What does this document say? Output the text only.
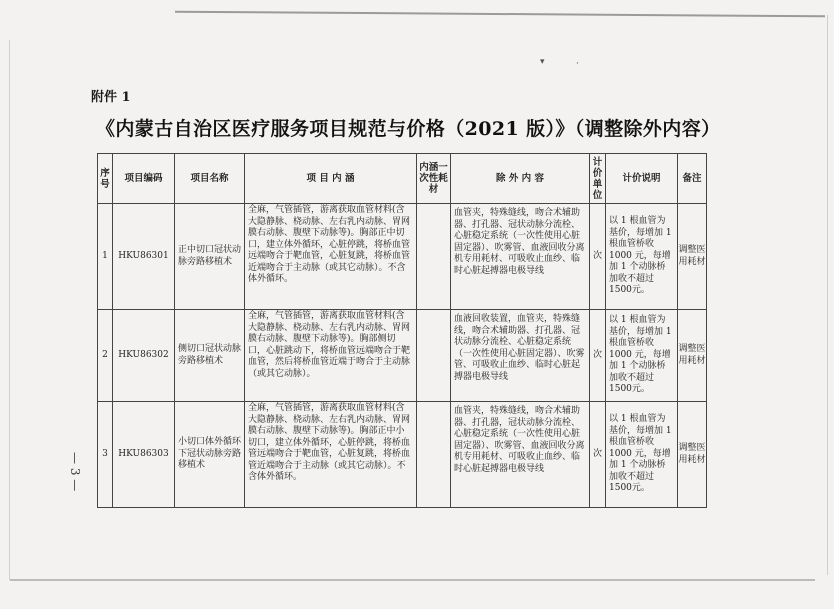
▾	·
附件 1
《内蒙古自治区医疗服务项目规范与价格（2021 版）》（调整除外内容）
序号	项目编码	项目名称	项 目 内 涵	内涵一次性耗材	除 外 内 容	计价单位	计价说明	备注
1	HKU86301	正中切口冠状动脉旁路移植术	全麻，气管插管，游离获取血管材料(含大隐静脉、桡动脉、左右乳内动脉、胃网膜右动脉、腹壁下动脉等)。胸部正中切口，建立体外循环，心脏停跳，将桥血管远端吻合于靶血管，心脏复跳，将桥血管近端吻合于主动脉（或其它动脉）。不含体外循环。		血管夹，特殊缝线，吻合术辅助器、打孔器、冠状动脉分流栓、心脏稳定系统（一次性使用心脏固定器）、吹雾管、血液回收分离机专用耗材、可吸收止血纱、临时心脏起搏器电极导线	次	以 1 根血管为基价，每增加 1 根血管桥收 1000 元，每增加 1 个动脉桥加收不超过 1500元。	调整医用耗材
2	HKU86302	侧切口冠状动脉旁路移植术	全麻，气管插管，游离获取血管材料(含大隐静脉、桡动脉、左右乳内动脉、胃网膜右动脉、腹壁下动脉等)。胸部侧切口，心脏跳动下，将桥血管远端吻合于靶血管，然后将桥血管近端于吻合于主动脉（或其它动脉）。		血液回收装置，血管夹，特殊缝线，吻合术辅助器、打孔器、冠状动脉分流栓、心脏稳定系统（一次性使用心脏固定器）、吹雾管、可吸收止血纱、临时心脏起搏器电极导线	次	以 1 根血管为基价，每增加 1 根血管桥收 1000 元，每增加 1 个动脉桥加收不超过 1500元。	调整医用耗材
3	HKU86303	小切口体外循环下冠状动脉旁路移植术	全麻，气管插管，游离获取血管材料(含大隐静脉、桡动脉、左右乳内动脉、胃网膜右动脉、腹壁下动脉等)。胸部正中小切口，建立体外循环，心脏停跳，将桥血管远端吻合于靶血管，心脏复跳，将桥血管近端吻合于主动脉（或其它动脉）。不含体外循环。		血管夹，特殊缝线，吻合术辅助器、打孔器，冠状动脉分流栓、心脏稳定系统（一次性使用心脏固定器）、吹雾管、血液回收分离机专用耗材、可吸收止血纱、临时心脏起搏器电极导线	次	以 1 根血管为基价，每增加 1 根血管桥收 1000 元，每增加 1 个动脉桥加收不超过 1500元。	调整医用耗材
— 3 —
